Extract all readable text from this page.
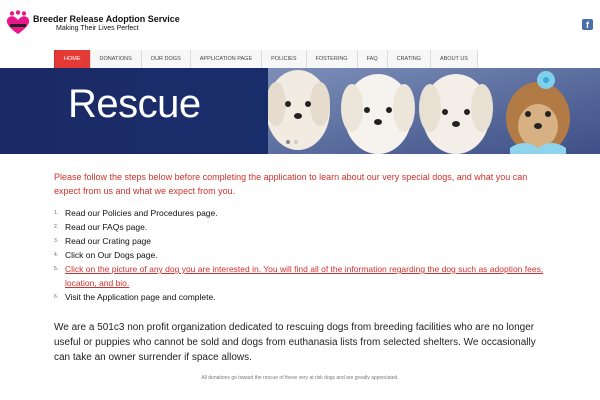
Breeder Release Adoption Service
Making Their Lives Perfect	f
HOME	DONATIONS	OUR DOGS	APPLICATION PAGE	POLICIES	FOSTERING	FAQ	CRATING	ABOUT US
Rescue
Please follow the steps below before completing the application to learn about our very special dogs, and what you can expect from us and what we expect from you.
1. Read our Policies and Procedures page.
2. Read our FAQs page.
3. Read our Crating page
4. Click on Our Dogs page.
5. Click on the picture of any dog you are interested in. You will find all of the information regarding the dog such as adoption fees, location, and bio.
6. Visit the Application page and complete.
We are a 501c3 non profit organization dedicated to rescuing dogs from breeding facilities who are no longer useful or puppies who cannot be sold and dogs from euthanasia lists from selected shelters. We occasionally can take an owner surrender if space allows.
All donations go toward the rescue of these very at risk dogs and are greatly appreciated.
